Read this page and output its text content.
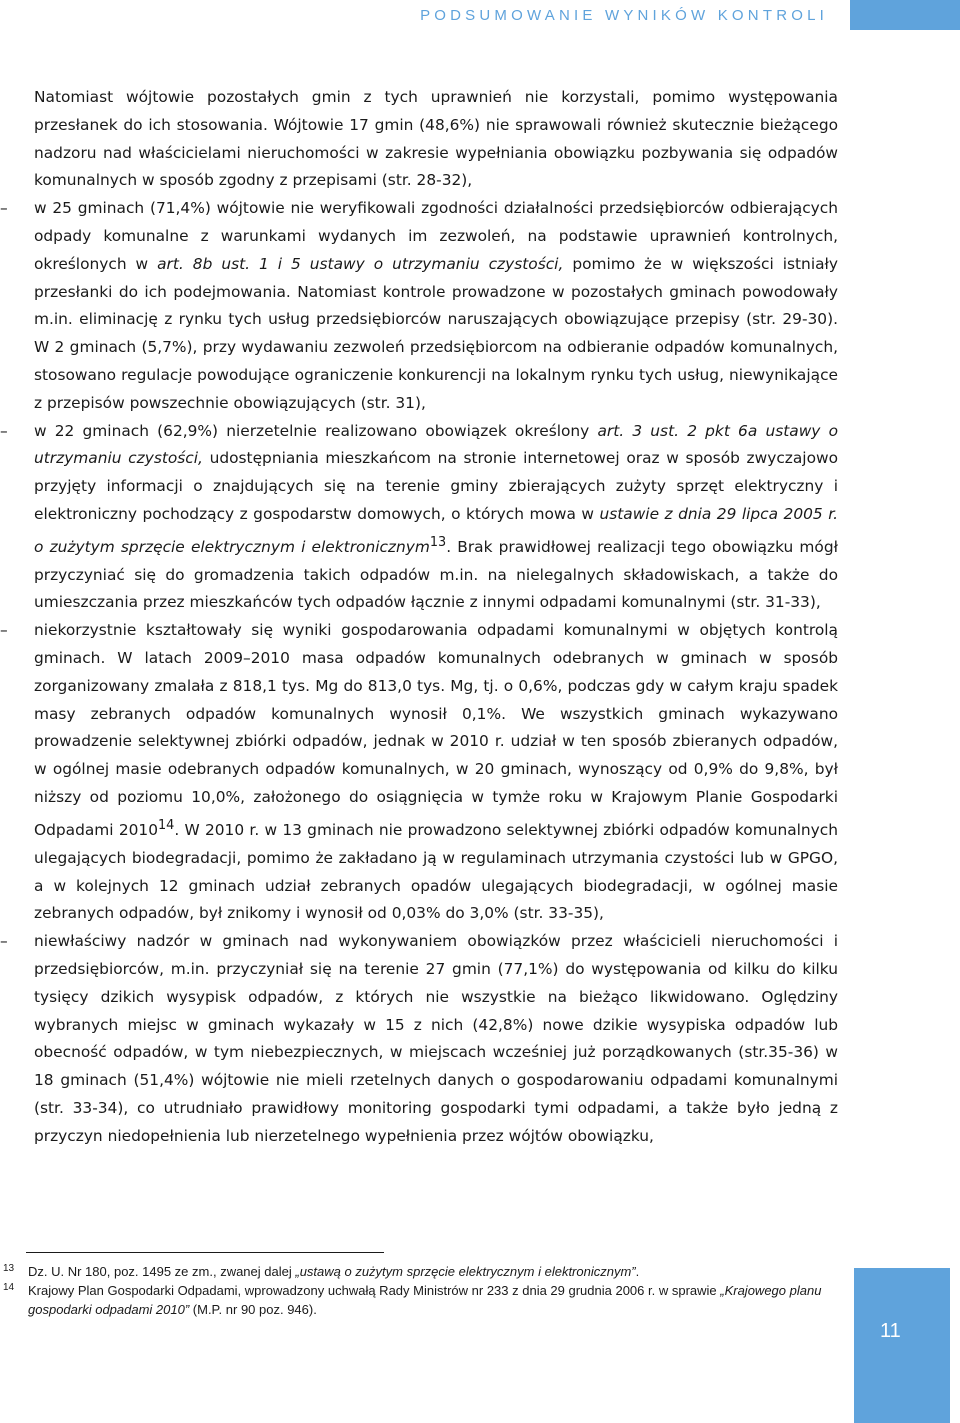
PODSUMOWANIE WYNIKÓW KONTROLI

Natomiast wójtowie pozostałych gmin z tych uprawnień nie korzystali, pomimo występowania przesłanek do ich stosowania. Wójtowie 17 gmin (48,6%) nie sprawowali również skutecznie bieżącego nadzoru nad właścicielami nieruchomości w zakresie wypełniania obowiązku pozbywania się odpadów komunalnych w sposób zgodny z przepisami (str. 28-32),

– w 25 gminach (71,4%) wójtowie nie weryfikowali zgodności działalności przedsiębiorców odbierających odpady komunalne z warunkami wydanych im zezwoleń, na podstawie uprawnień kontrolnych, określonych w art. 8b ust. 1 i 5 ustawy o utrzymaniu czystości, pomimo że w większości istniały przesłanki do ich podejmowania. Natomiast kontrole prowadzone w pozostałych gminach powodowały m.in. eliminację z rynku tych usług przedsiębiorców naruszających obowiązujące przepisy (str. 29-30). W 2 gminach (5,7%), przy wydawaniu zezwoleń przedsiębiorcom na odbieranie odpadów komunalnych, stosowano regulacje powodujące ograniczenie konkurencji na lokalnym rynku tych usług, niewynikające z przepisów powszechnie obowiązujących (str. 31),
– w 22 gminach (62,9%) nierzetelnie realizowano obowiązek określony art. 3 ust. 2 pkt 6a ustawy o utrzymaniu czystości, udostępniania mieszkańcom na stronie internetowej oraz w sposób zwyczajowo przyjęty informacji o znajdujących się na terenie gminy zbierających zużyty sprzęt elektryczny i elektroniczny pochodzący z gospodarstw domowych, o których mowa w ustawie z dnia 29 lipca 2005 r. o zużytym sprzęcie elektrycznym i elektronicznym$^{13}$. Brak prawidłowej realizacji tego obowiązku mógł przyczyniać się do gromadzenia takich odpadów m.in. na nielegalnych składowiskach, a także do umieszczania przez mieszkańców tych odpadów łącznie z innymi odpadami komunalnymi (str. 31-33),
– niekorzystnie kształtowały się wyniki gospodarowania odpadami komunalnymi w objętych kontrolą gminach. W latach 2009–2010 masa odpadów komunalnych odebranych w gminach w sposób zorganizowany zmalała z 818,1 tys. Mg do 813,0 tys. Mg, tj. o 0,6%, podczas gdy w całym kraju spadek masy zebranych odpadów komunalnych wynosił 0,1%. We wszystkich gminach wykazywano prowadzenie selektywnej zbiórki odpadów, jednak w 2010 r. udział w ten sposób zbieranych odpadów, w ogólnej masie odebranych odpadów komunalnych, w 20 gminach, wynoszący od 0,9% do 9,8%, był niższy od poziomu 10,0%, założonego do osiągnięcia w tymże roku w Krajowym Planie Gospodarki Odpadami 2010$^{14}$. W 2010 r. w 13 gminach nie prowadzono selektywnej zbiórki odpadów komunalnych ulegających biodegradacji, pomimo że zakładano ją w regulaminach utrzymania czystości lub w GPGO, a w kolejnych 12 gminach udział zebranych opadów ulegających biodegradacji, w ogólnej masie zebranych odpadów, był znikomy i wynosił od 0,03% do 3,0% (str. 33-35),
– niewłaściwy nadzór w gminach nad wykonywaniem obowiązków przez właścicieli nieruchomości i przedsiębiorców, m.in. przyczyniał się na terenie 27 gmin (77,1%) do występowania od kilku do kilku tysięcy dzikich wysypisk odpadów, z których nie wszystkie na bieżąco likwidowano. Oględziny wybranych miejsc w gminach wykazały w 15 z nich (42,8%) nowe dzikie wysypiska odpadów lub obecność odpadów, w tym niebezpiecznych, w miejscach wcześniej już porządkowanych (str.35-36) w 18 gminach (51,4%) wójtowie nie mieli rzetelnych danych o gospodarowaniu odpadami komunalnymi (str. 33-34), co utrudniało prawidłowy monitoring gospodarki tymi odpadami, a także było jedną z przyczyn niedopełnienia lub nierzetelnego wypełnienia przez wójtów obowiązku,
13 Dz. U. Nr 180, poz. 1495 ze zm., zwanej dalej „ustawą o zużytym sprzęcie elektrycznym i elektronicznym”.
14 Krajowy Plan Gospodarki Odpadami, wprowadzony uchwałą Rady Ministrów nr 233 z dnia 29 grudnia 2006 r. w sprawie „Krajowego planu gospodarki odpadami 2010” (M.P. nr 90 poz. 946).
11
